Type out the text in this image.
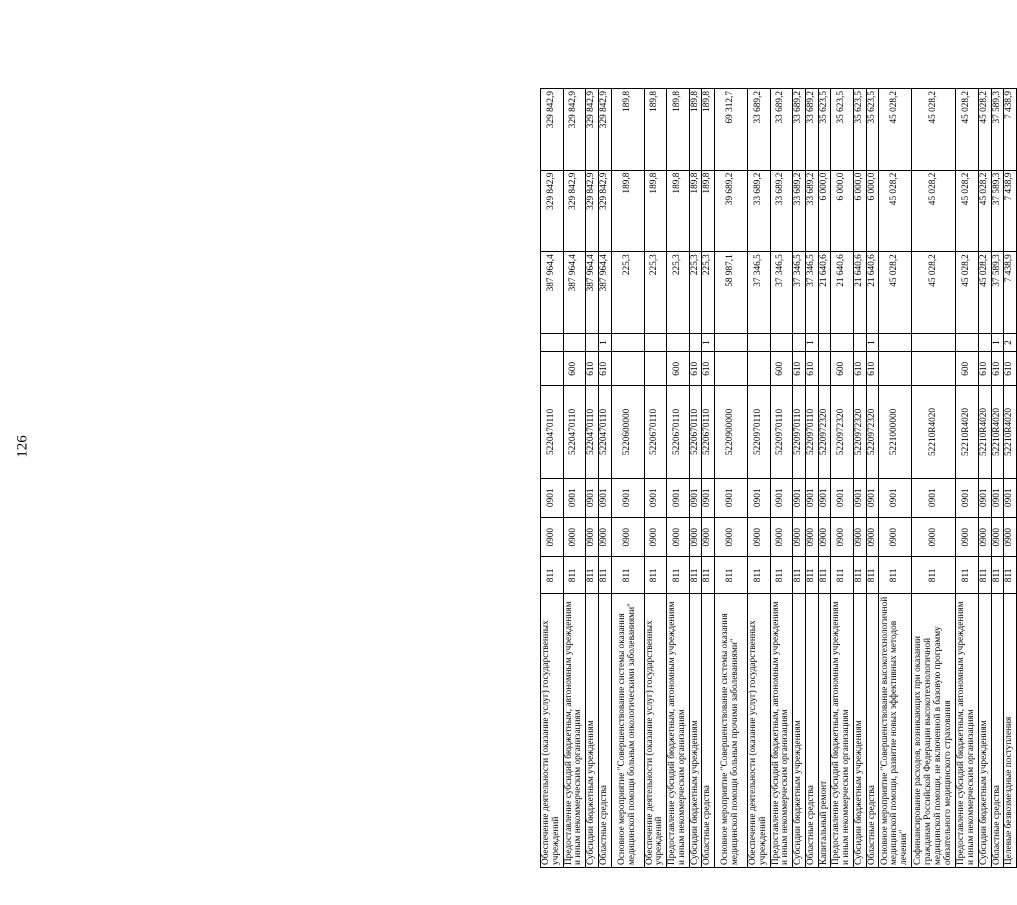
126
Обеспечение деятельности (оказание услуг) государственных учреждений	811	0900	0901	5220470110			387 964,4	329 842,9	329 842,9
Предоставление субсидий бюджетным, автономным учреждениям и иным некоммерческим организациям	811	0900	0901	5220470110	600		387 964,4	329 842,9	329 842,9
Субсидии бюджетным учреждениям	811	0900	0901	5220470110	610		387 964,4	329 842,9	329 842,9
Областные средства	811	0900	0901	5220470110	610	1	387 964,4	329 842,9	329 842,9
Основное мероприятие "Совершенствование системы оказания медицинской помощи больным онкологическими заболеваниями"	811	0900	0901	5220600000			225,3	189,8	189,8
Обеспечение деятельности (оказание услуг) государственных учреждений	811	0900	0901	5220670110			225,3	189,8	189,8
Предоставление субсидий бюджетным, автономным учреждениям и иным некоммерческим организациям	811	0900	0901	5220670110	600		225,3	189,8	189,8
Субсидии бюджетным учреждениям	811	0900	0901	5220670110	610		225,3	189,8	189,8
Областные средства	811	0900	0901	5220670110	610	1	225,3	189,8	189,8
Основное мероприятие "Совершенствование системы оказания медицинской помощи больным прочими заболеваниями"	811	0900	0901	5220900000			58 987,1	39 689,2	69 312,7
Обеспечение деятельности (оказание услуг) государственных учреждений	811	0900	0901	5220970110			37 346,5	33 689,2	33 689,2
Предоставление субсидий бюджетным, автономным учреждениям и иным некоммерческим организациям	811	0900	0901	5220970110	600		37 346,5	33 689,2	33 689,2
Субсидии бюджетным учреждениям	811	0900	0901	5220970110	610		37 346,5	33 689,2	33 689,2
Областные средства	811	0900	0901	5220970110	610	1	37 346,5	33 689,2	33 689,2
Капитальный ремонт	811	0900	0901	5220972320			21 640,6	6 000,0	35 623,5
Предоставление субсидий бюджетным, автономным учреждениям и иным некоммерческим организациям	811	0900	0901	5220972320	600		21 640,6	6 000,0	35 623,5
Субсидии бюджетным учреждениям	811	0900	0901	5220972320	610		21 640,6	6 000,0	35 623,5
Областные средства	811	0900	0901	5220972320	610	1	21 640,6	6 000,0	35 623,5
Основное мероприятие "Совершенствование высокотехнологичной медицинской помощи, развитие новых эффективных методов лечения"	811	0900	0901	5221000000			45 028,2	45 028,2	45 028,2
Софинансирование расходов, возникающих при оказании гражданам Российской Федерации высокотехнологичной медицинской помощи, не включенной в базовую программу обязательного медицинского страхования	811	0900	0901	52210R4020			45 028,2	45 028,2	45 028,2
Предоставление субсидий бюджетным, автономным учреждениям и иным некоммерческим организациям	811	0900	0901	52210R4020	600		45 028,2	45 028,2	45 028,2
Субсидии бюджетным учреждениям	811	0900	0901	52210R4020	610		45 028,2	45 028,2	45 028,2
Областные средства	811	0900	0901	52210R4020	610	1	37 589,3	37 589,3	37 589,3
Целевые безвозмездные поступления	811	0900	0901	52210R4020	610	2	7 438,9	7 438,9	7 438,9
